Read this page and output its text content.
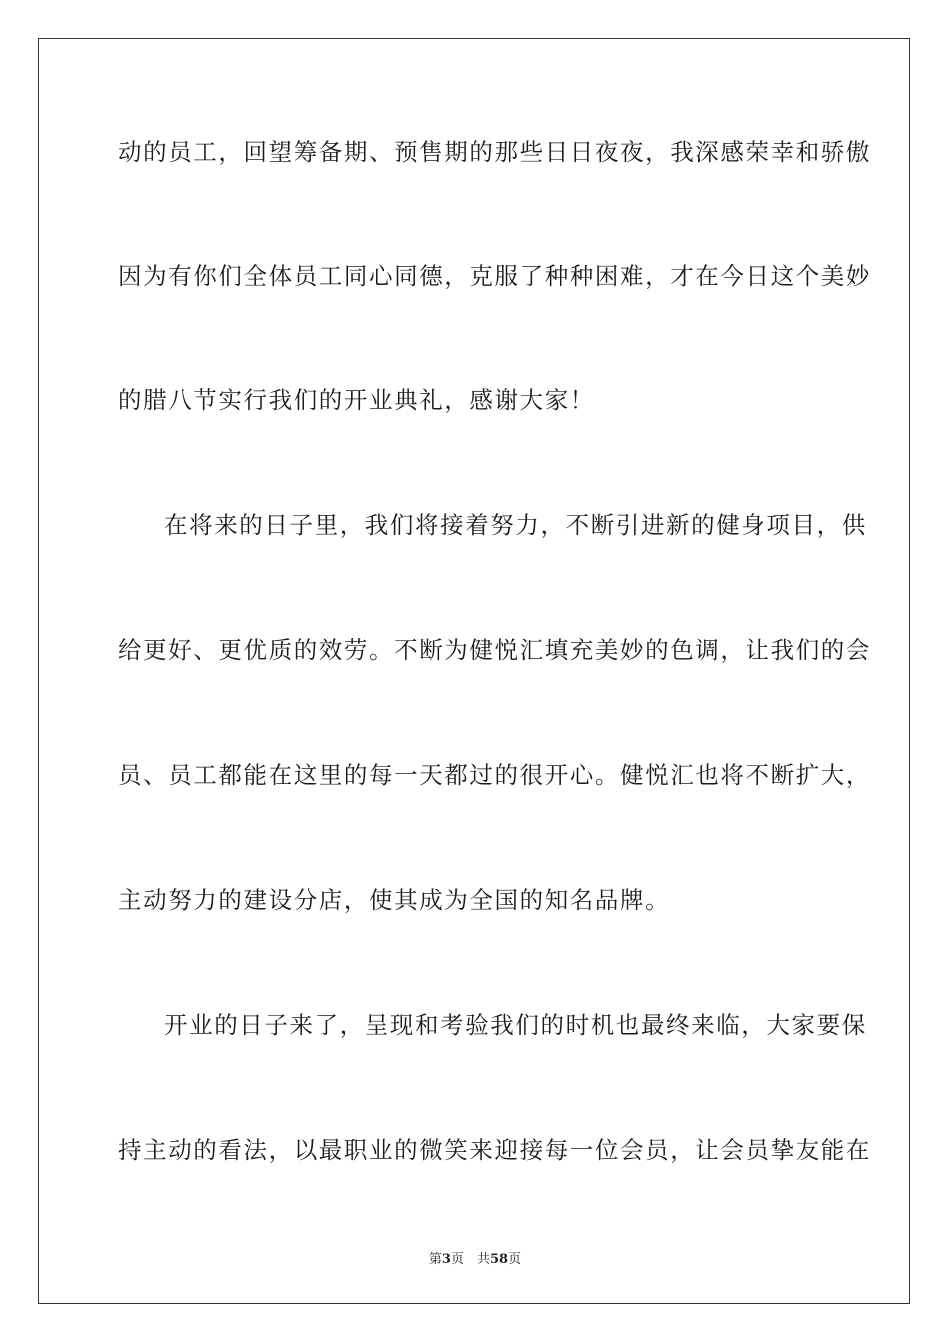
动的员工，回望筹备期、预售期的那些日日夜夜，我深感荣幸和骄傲
因为有你们全体员工同心同德，克服了种种困难，才在今日这个美妙
的腊八节实行我们的开业典礼，感谢大家！
在将来的日子里，我们将接着努力，不断引进新的健身项目，供
给更好、更优质的效劳。不断为健悦汇填充美妙的色调，让我们的会
员、员工都能在这里的每一天都过的很开心。健悦汇也将不断扩大，
主动努力的建设分店，使其成为全国的知名品牌。
开业的日子来了，呈现和考验我们的时机也最终来临，大家要保
持主动的看法，以最职业的微笑来迎接每一位会员，让会员挚友能在
第3页　共58页
